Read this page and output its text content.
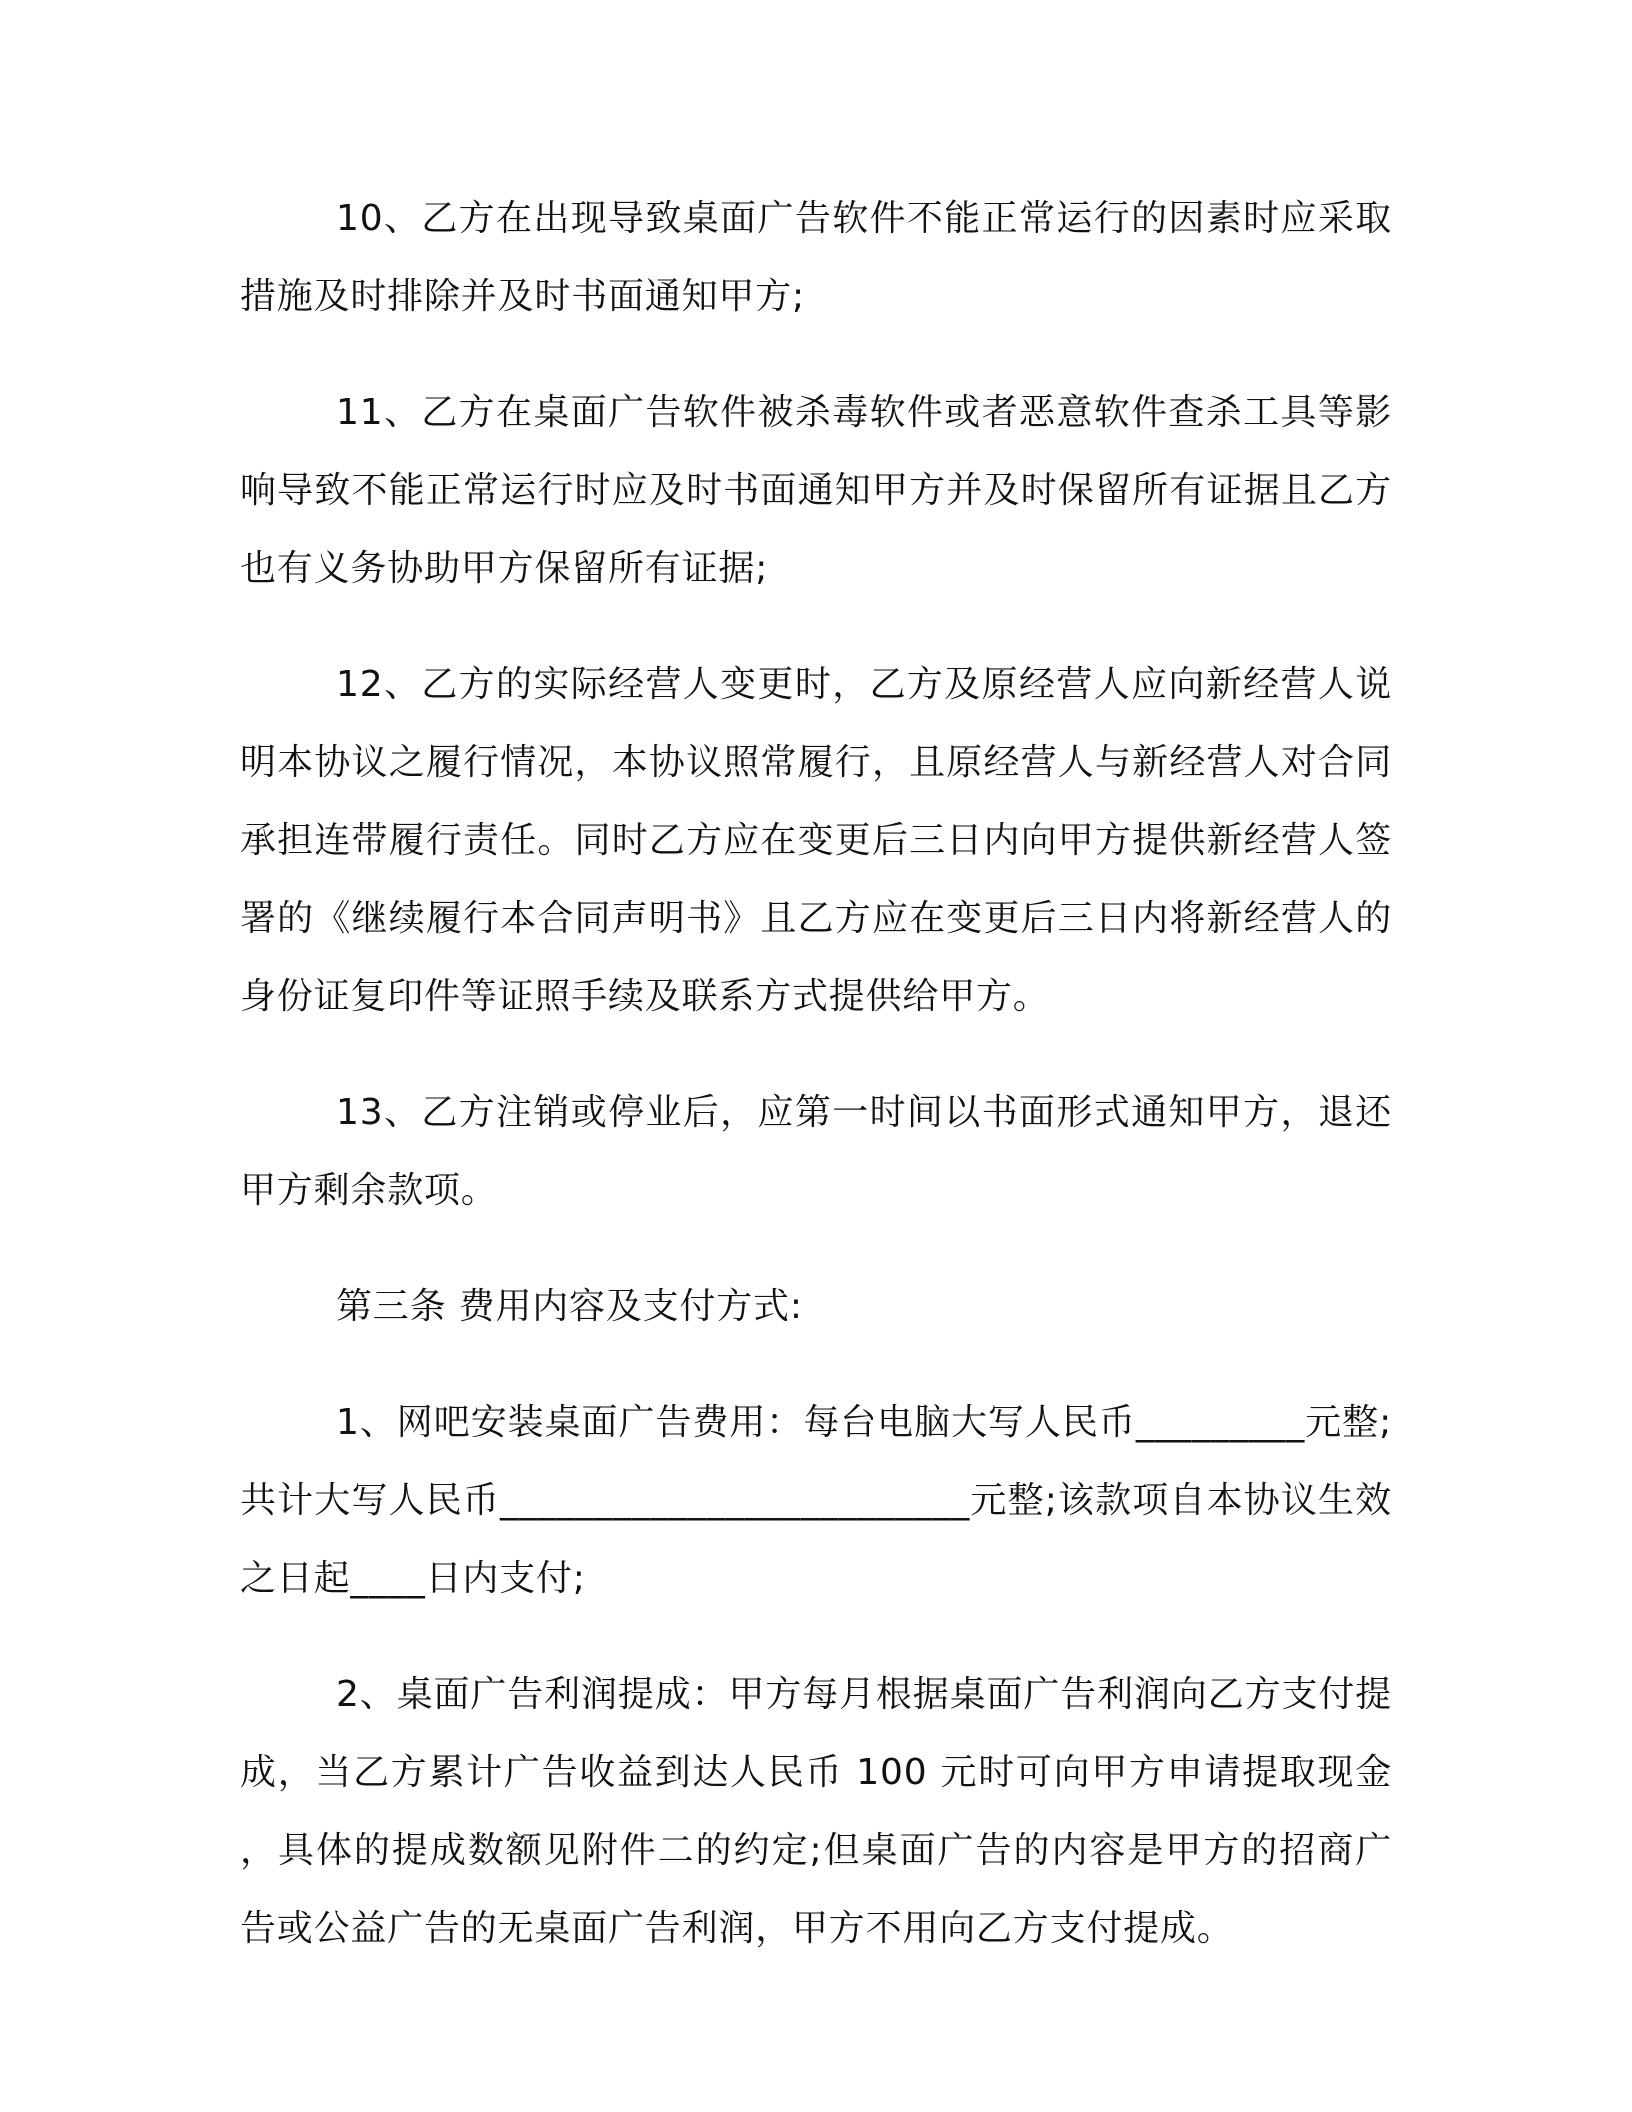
10、乙方在出现导致桌面广告软件不能正常运行的因素时应采取措施及时排除并及时书面通知甲方;

11、乙方在桌面广告软件被杀毒软件或者恶意软件查杀工具等影响导致不能正常运行时应及时书面通知甲方并及时保留所有证据且乙方也有义务协助甲方保留所有证据;

12、乙方的实际经营人变更时，乙方及原经营人应向新经营人说明本协议之履行情况，本协议照常履行，且原经营人与新经营人对合同承担连带履行责任。同时乙方应在变更后三日内向甲方提供新经营人签署的《继续履行本合同声明书》且乙方应在变更后三日内将新经营人的身份证复印件等证照手续及联系方式提供给甲方。

13、乙方注销或停业后，应第一时间以书面形式通知甲方，退还甲方剩余款项。

第三条 费用内容及支付方式:

1、网吧安装桌面广告费用：每台电脑大写人民币_________元整;共计大写人民币_________________________元整;该款项自本协议生效之日起____日内支付;

2、桌面广告利润提成：甲方每月根据桌面广告利润向乙方支付提成，当乙方累计广告收益到达人民币 100 元时可向甲方申请提取现金，具体的提成数额见附件二的约定;但桌面广告的内容是甲方的招商广告或公益广告的无桌面广告利润，甲方不用向乙方支付提成。
